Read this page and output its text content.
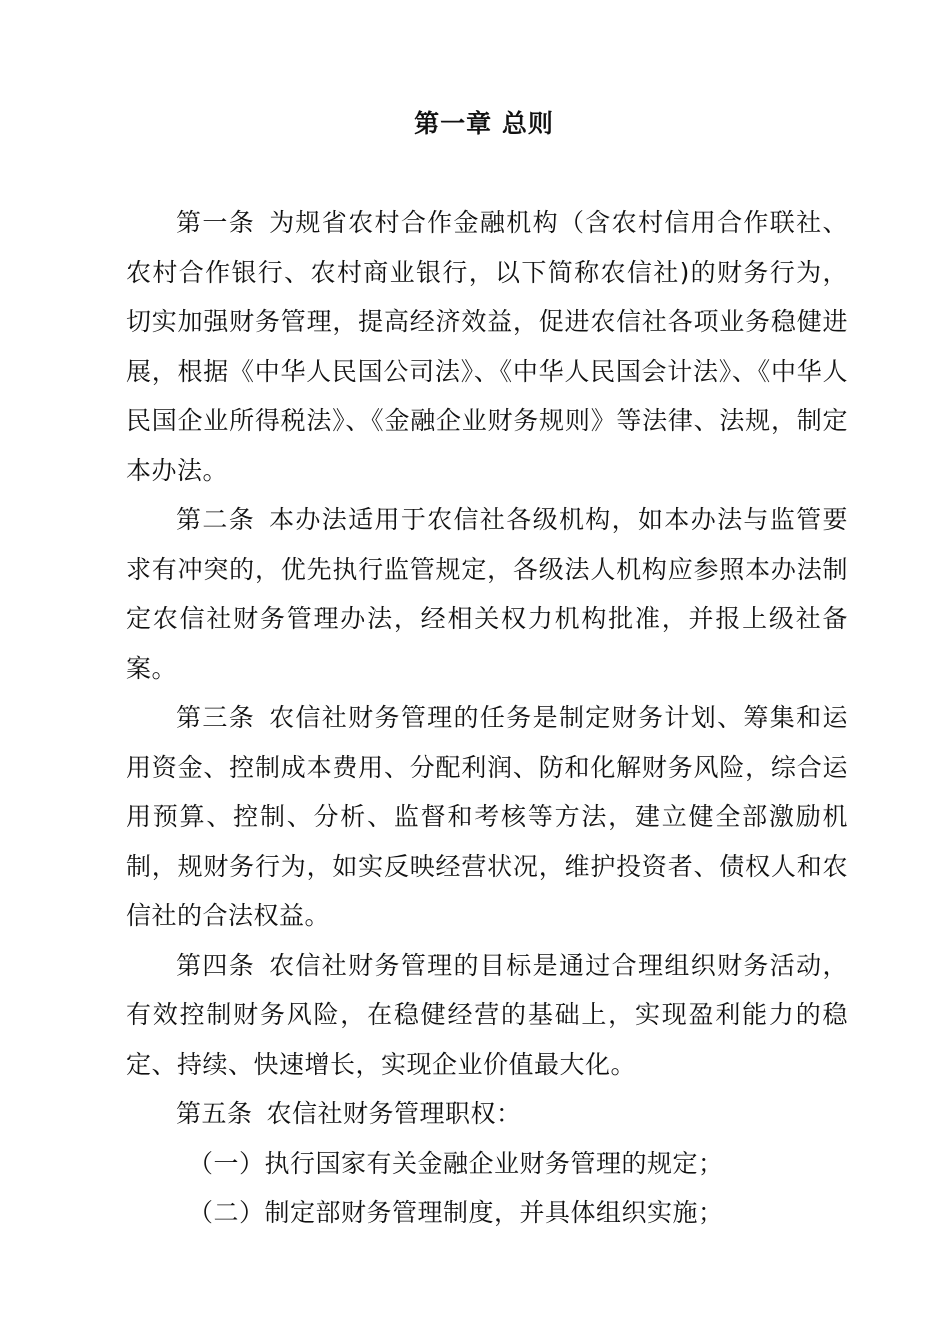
第一章 总则

第一条 为规省农村合作金融机构（含农村信用合作联社、农村合作银行、农村商业银行，以下简称农信社)的财务行为，切实加强财务管理，提高经济效益，促进农信社各项业务稳健进展，根据《中华人民国公司法》、《中华人民国会计法》、《中华人民国企业所得税法》、《金融企业财务规则》等法律、法规，制定本办法。

第二条 本办法适用于农信社各级机构，如本办法与监管要求有冲突的，优先执行监管规定，各级法人机构应参照本办法制定农信社财务管理办法，经相关权力机构批准，并报上级社备案。

第三条 农信社财务管理的任务是制定财务计划、筹集和运用资金、控制成本费用、分配利润、防和化解财务风险，综合运用预算、控制、分析、监督和考核等方法，建立健全部激励机制，规财务行为，如实反映经营状况，维护投资者、债权人和农信社的合法权益。

第四条 农信社财务管理的目标是通过合理组织财务活动，有效控制财务风险，在稳健经营的基础上，实现盈利能力的稳定、持续、快速增长，实现企业价值最大化。

第五条 农信社财务管理职权：

（一）执行国家有关金融企业财务管理的规定；

（二）制定部财务管理制度，并具体组织实施；
